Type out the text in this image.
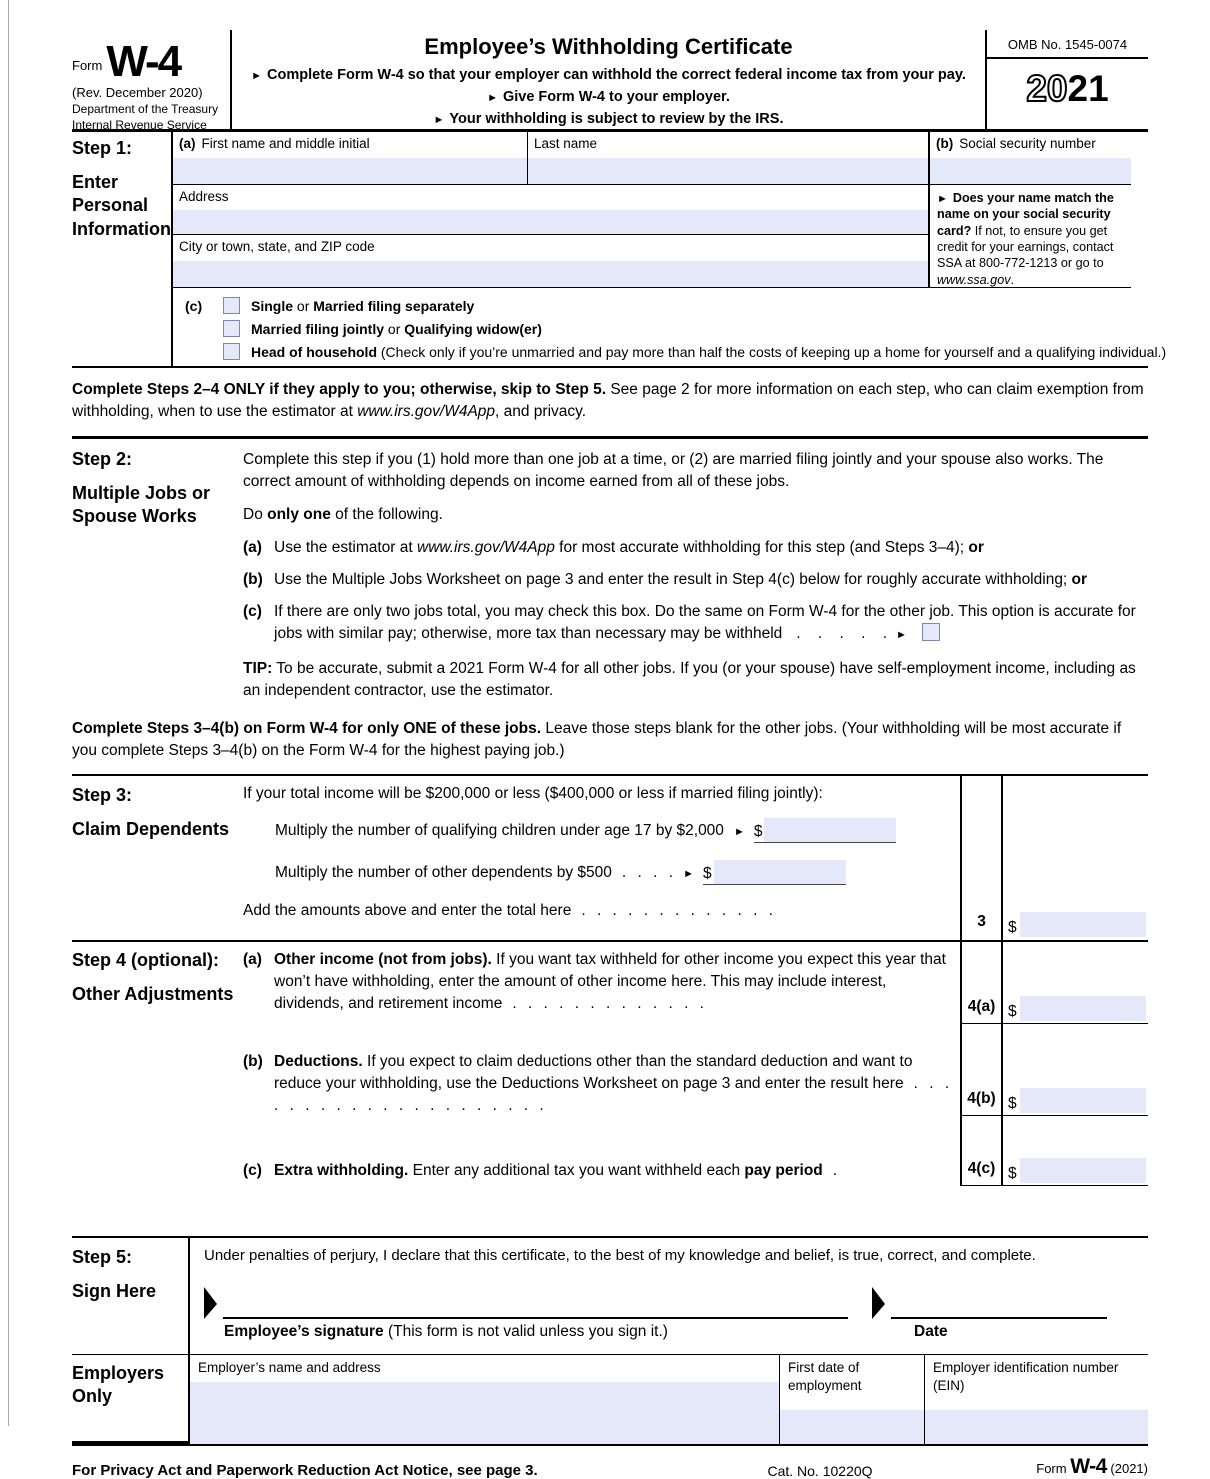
Form W-4
(Rev. December 2020)
Department of the Treasury
Internal Revenue Service
Employee’s Withholding Certificate
► Complete Form W-4 so that your employer can withhold the correct federal income tax from your pay.
► Give Form W-4 to your employer.
► Your withholding is subject to review by the IRS.
OMB No. 1545-0074
2021
Step 1:
Enter Personal Information
(a) First name and middle initial	Last name
Address
City or town, state, and ZIP code
(b) Social security number
► Does your name match the name on your social security card? If not, to ensure you get credit for your earnings, contact SSA at 800-772-1213 or go to www.ssa.gov.
(c)	Single or Married filing separately
Married filing jointly or Qualifying widow(er)
Head of household (Check only if you’re unmarried and pay more than half the costs of keeping up a home for yourself and a qualifying individual.)
Complete Steps 2–4 ONLY if they apply to you; otherwise, skip to Step 5. See page 2 for more information on each step, who can claim exemption from withholding, when to use the estimator at www.irs.gov/W4App, and privacy.
Step 2:
Multiple Jobs or Spouse Works
Complete this step if you (1) hold more than one job at a time, or (2) are married filing jointly and your spouse also works. The correct amount of withholding depends on income earned from all of these jobs.
Do only one of the following.
(a) Use the estimator at www.irs.gov/W4App for most accurate withholding for this step (and Steps 3–4); or
(b) Use the Multiple Jobs Worksheet on page 3 and enter the result in Step 4(c) below for roughly accurate withholding; or
(c) If there are only two jobs total, you may check this box. Do the same on Form W-4 for the other job. This option is accurate for jobs with similar pay; otherwise, more tax than necessary may be withheld . . . . . ►
TIP: To be accurate, submit a 2021 Form W-4 for all other jobs. If you (or your spouse) have self-employment income, including as an independent contractor, use the estimator.
Complete Steps 3–4(b) on Form W-4 for only ONE of these jobs. Leave those steps blank for the other jobs. (Your withholding will be most accurate if you complete Steps 3–4(b) on the Form W-4 for the highest paying job.)
Step 3:
Claim Dependents
If your total income will be $200,000 or less ($400,000 or less if married filing jointly):
Multiply the number of qualifying children under age 17 by $2,000 ► $
Multiply the number of other dependents by $500 . . . . ► $
Add the amounts above and enter the total here . . . . . . . . . . . . .
3	$
Step 4 (optional):
Other Adjustments
(a) Other income (not from jobs). If you want tax withheld for other income you expect this year that won’t have withholding, enter the amount of other income here. This may include interest, dividends, and retirement income . . . . . . . . . . . . .
(b) Deductions. If you expect to claim deductions other than the standard deduction and want to reduce your withholding, use the Deductions Worksheet on page 3 and enter the result here . . . . . . . . . . . . . . . . . . . . .
(c) Extra withholding. Enter any additional tax you want withheld each pay period .
4(a) $
4(b) $
4(c) $
Step 5:
Sign Here
Under penalties of perjury, I declare that this certificate, to the best of my knowledge and belief, is true, correct, and complete.
Employee’s signature (This form is not valid unless you sign it.)	Date
Employers Only
Employer’s name and address	First date of employment
Employer identification number (EIN)
For Privacy Act and Paperwork Reduction Act Notice, see page 3.	Cat. No. 10220Q	Form W-4 (2021)
